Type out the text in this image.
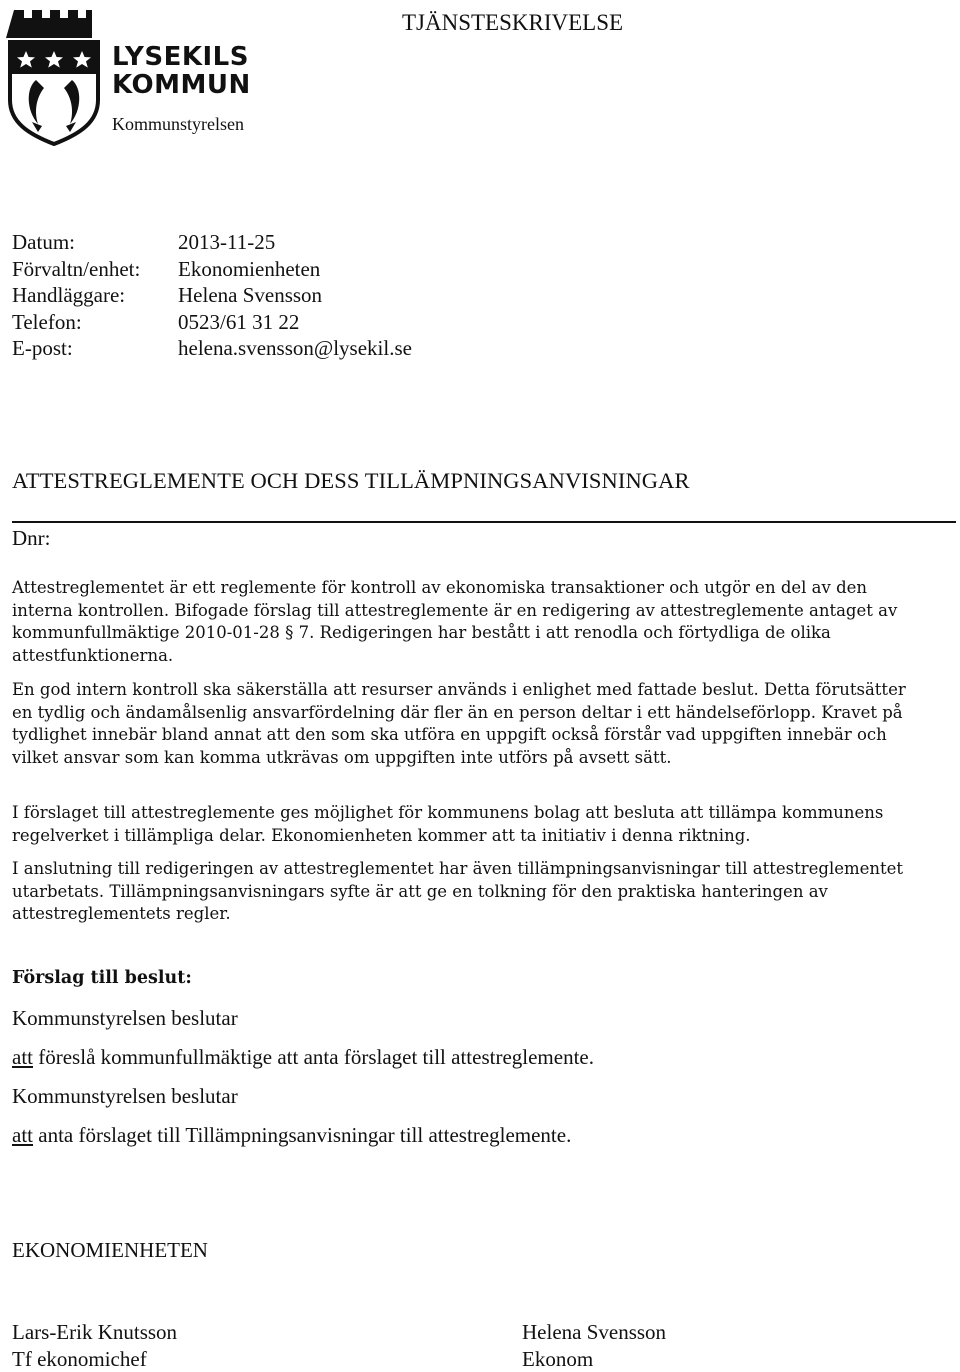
LYSEKILS
KOMMUN
Kommunstyrelsen
TJÄNSTESKRIVELSE
Datum:	2013-11-25
Förvaltn/enhet: Ekonomienheten
Handläggare:	Helena Svensson
Telefon:	0523/61 31 22
E-post:	helena.svensson@lysekil.se
ATTESTREGLEMENTE OCH DESS TILLÄMPNINGSANVISNINGAR
Dnr:
Attestreglementet är ett reglemente för kontroll av ekonomiska transaktioner och utgör en del av den interna kontrollen. Bifogade förslag till attestreglemente är en redigering av attestreglemente antaget av kommunfullmäktige 2010-01-28 § 7. Redigeringen har bestått i att renodla och förtydliga de olika attestfunktionerna.
En god intern kontroll ska säkerställa att resurser används i enlighet med fattade beslut. Detta förutsätter en tydlig och ändamålsenlig ansvarfördelning där fler än en person deltar i ett händelseförlopp. Kravet på tydlighet innebär bland annat att den som ska utföra en uppgift också förstår vad uppgiften innebär och vilket ansvar som kan komma utkrävas om uppgiften inte utförs på avsett sätt.
I förslaget till attestreglemente ges möjlighet för kommunens bolag att besluta att tillämpa kommunens regelverket i tillämpliga delar. Ekonomienheten kommer att ta initiativ i denna riktning.
I anslutning till redigeringen av attestreglementet har även tillämpningsanvisningar till attestreglementet utarbetats. Tillämpningsanvisningars syfte är att ge en tolkning för den praktiska hanteringen av attestreglementets regler.
Förslag till beslut:
Kommunstyrelsen beslutar
att föreslå kommunfullmäktige att anta förslaget till attestreglemente.
Kommunstyrelsen beslutar
att anta förslaget till Tillämpningsanvisningar till attestreglemente.
EKONOMIENHETEN
Lars-Erik Knutsson
Tf ekonomichef
Helena Svensson
Ekonom
